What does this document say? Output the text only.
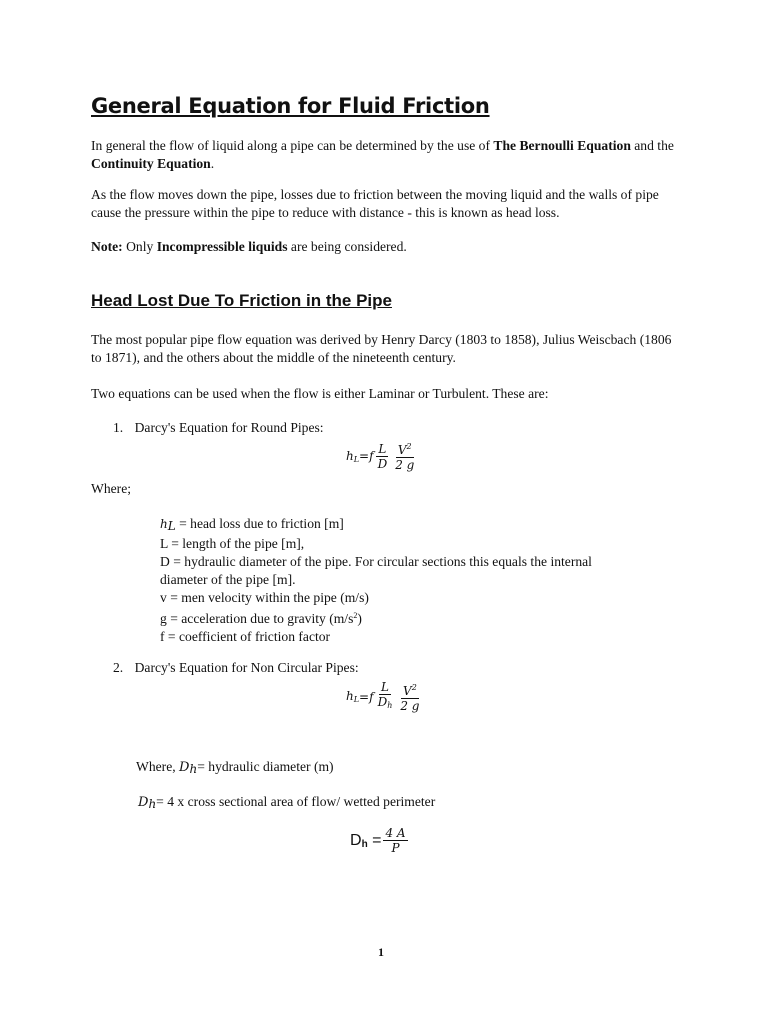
General Equation for Fluid Friction

In general the flow of liquid along a pipe can be determined by the use of The Bernoulli Equation and the Continuity Equation.

As the flow moves down the pipe, losses due to friction between the moving liquid and the walls of pipe cause the pressure within the pipe to reduce with distance - this is known as head loss.

Note: Only Incompressible liquids are being considered.

Head Lost Due To Friction in the Pipe

The most popular pipe flow equation was derived by Henry Darcy (1803 to 1858), Julius Weiscbach (1806 to 1871), and the others about the middle of the nineteenth century.

Two equations can be used when the flow is either Laminar or Turbulent. These are:

1. Darcy's Equation for Round Pipes:
$h_L = f \frac{L}{D} \frac{V^2}{2 g}$
Where;
$h_L$ = head loss due to friction [m]
L = length of the pipe [m],
D = hydraulic diameter of the pipe. For circular sections this equals the internal
diameter of the pipe [m].
v = men velocity within the pipe (m/s)
g = acceleration due to gravity $(m/s^2)$
f = coefficient of friction factor
2. Darcy's Equation for Non Circular Pipes:
$h_L = f \frac{L}{D_h} \frac{V^2}{2 g}$
Where, $D_h=$ hydraulic diameter (m)
$D_h= 4$ x cross sectional area of flow/ wetted perimeter
$D_h = \frac{4 A}{P}$
1
